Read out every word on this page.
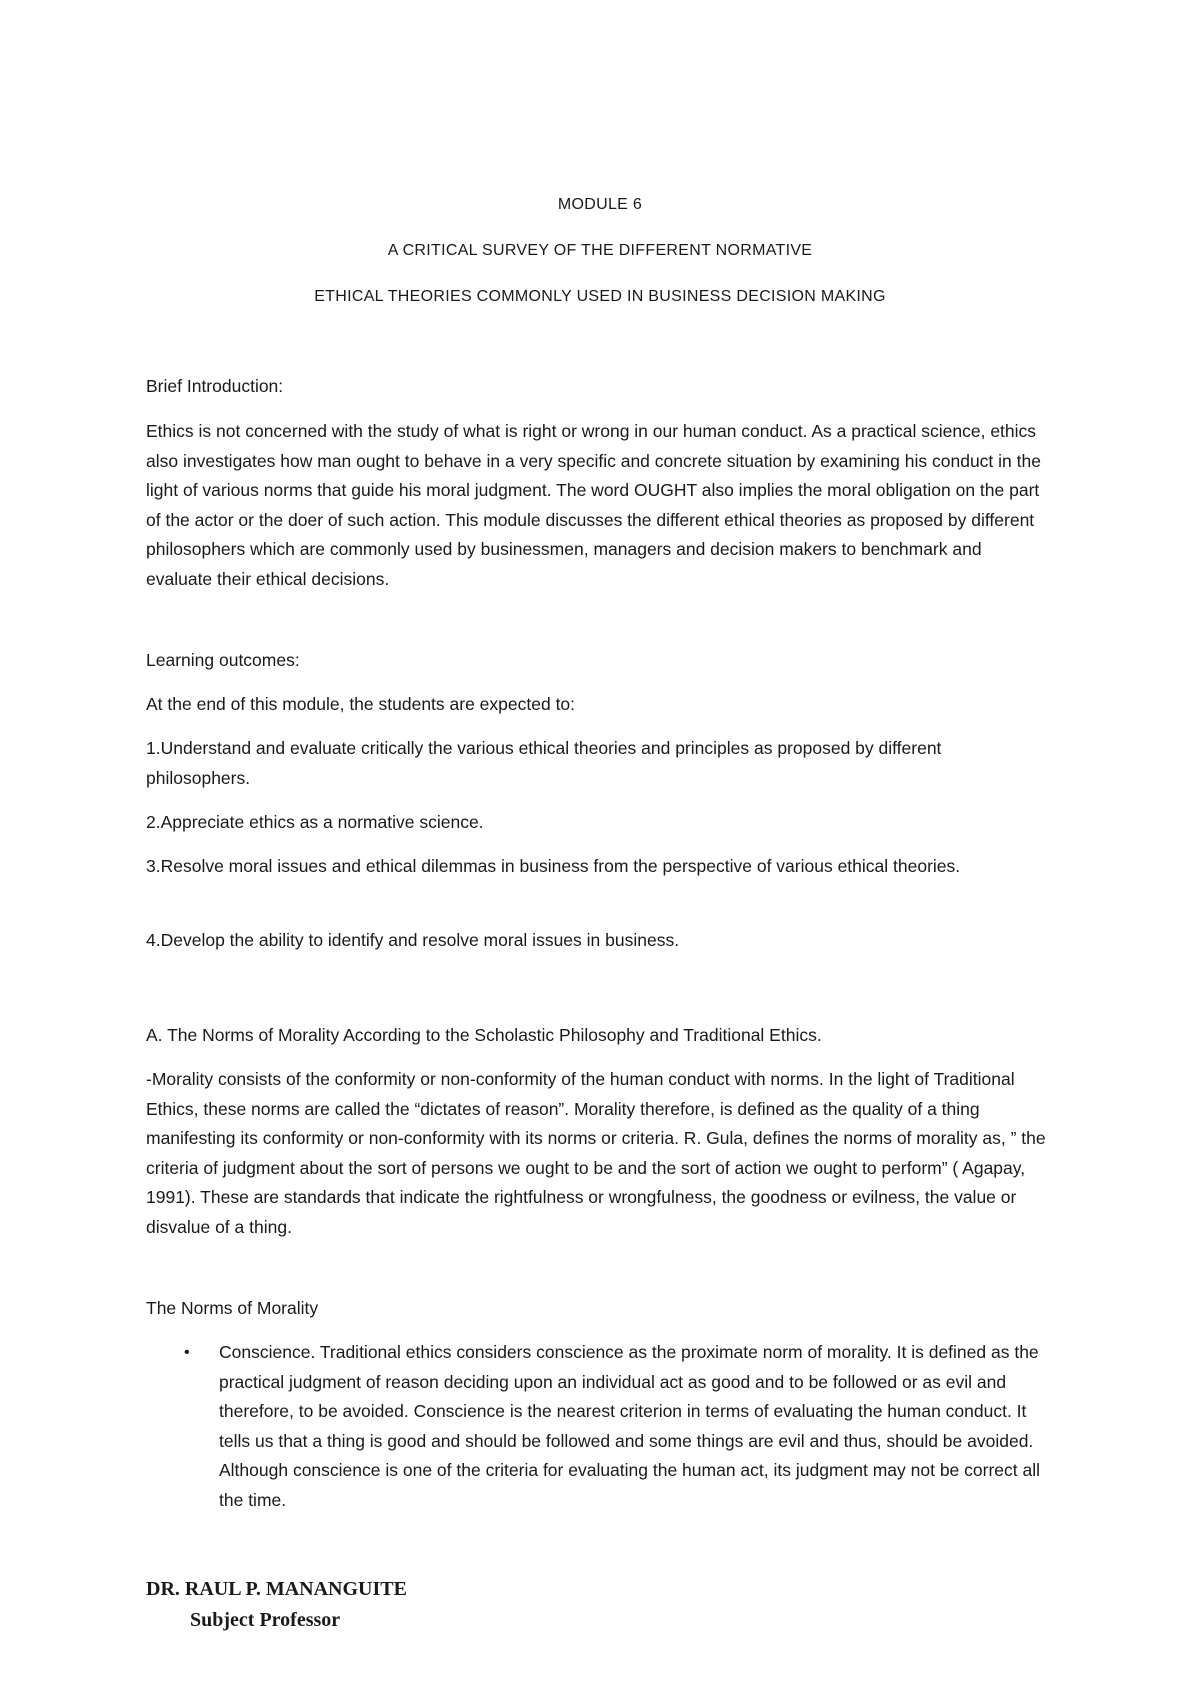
MODULE 6
A CRITICAL SURVEY OF THE DIFFERENT NORMATIVE
ETHICAL THEORIES COMMONLY USED IN BUSINESS DECISION MAKING
Brief Introduction:

Ethics is not concerned with the study of what is right or wrong in our human conduct. As a practical science, ethics also investigates how man ought to behave in a very specific and concrete situation by examining his conduct in the light of various norms that guide his moral judgment. The word OUGHT also implies the moral obligation on the part of the actor or the doer of such action. This module discusses the different ethical theories as proposed by different philosophers which are commonly used by businessmen, managers and decision makers to benchmark and evaluate their ethical decisions.

Learning outcomes:
At the end of this module, the students are expected to:
1.Understand and evaluate critically the various ethical theories and principles as proposed by different philosophers.
2.Appreciate ethics as a normative science.
3.Resolve moral issues and ethical dilemmas in business from the perspective of various ethical theories.
4.Develop the ability to identify and resolve moral issues in business.
A. The Norms of Morality According to the Scholastic Philosophy and Traditional Ethics.

-Morality consists of the conformity or non-conformity of the human conduct with norms. In the light of Traditional Ethics, these norms are called the “dictates of reason”. Morality therefore, is defined as the quality of a thing manifesting its conformity or non-conformity with its norms or criteria. R. Gula, defines the norms of morality as, ” the criteria of judgment about the sort of persons we ought to be and the sort of action we ought to perform” ( Agapay, 1991). These are standards that indicate the rightfulness or wrongfulness, the goodness or evilness, the value or disvalue of a thing.

The Norms of Morality
• Conscience. Traditional ethics considers conscience as the proximate norm of morality. It is defined as the practical judgment of reason deciding upon an individual act as good and to be followed or as evil and therefore, to be avoided. Conscience is the nearest criterion in terms of evaluating the human conduct. It tells us that a thing is good and should be followed and some things are evil and thus, should be avoided. Although conscience is one of the criteria for evaluating the human act, its judgment may not be correct all the time.
DR. RAUL P. MANANGUITE
Subject Professor
